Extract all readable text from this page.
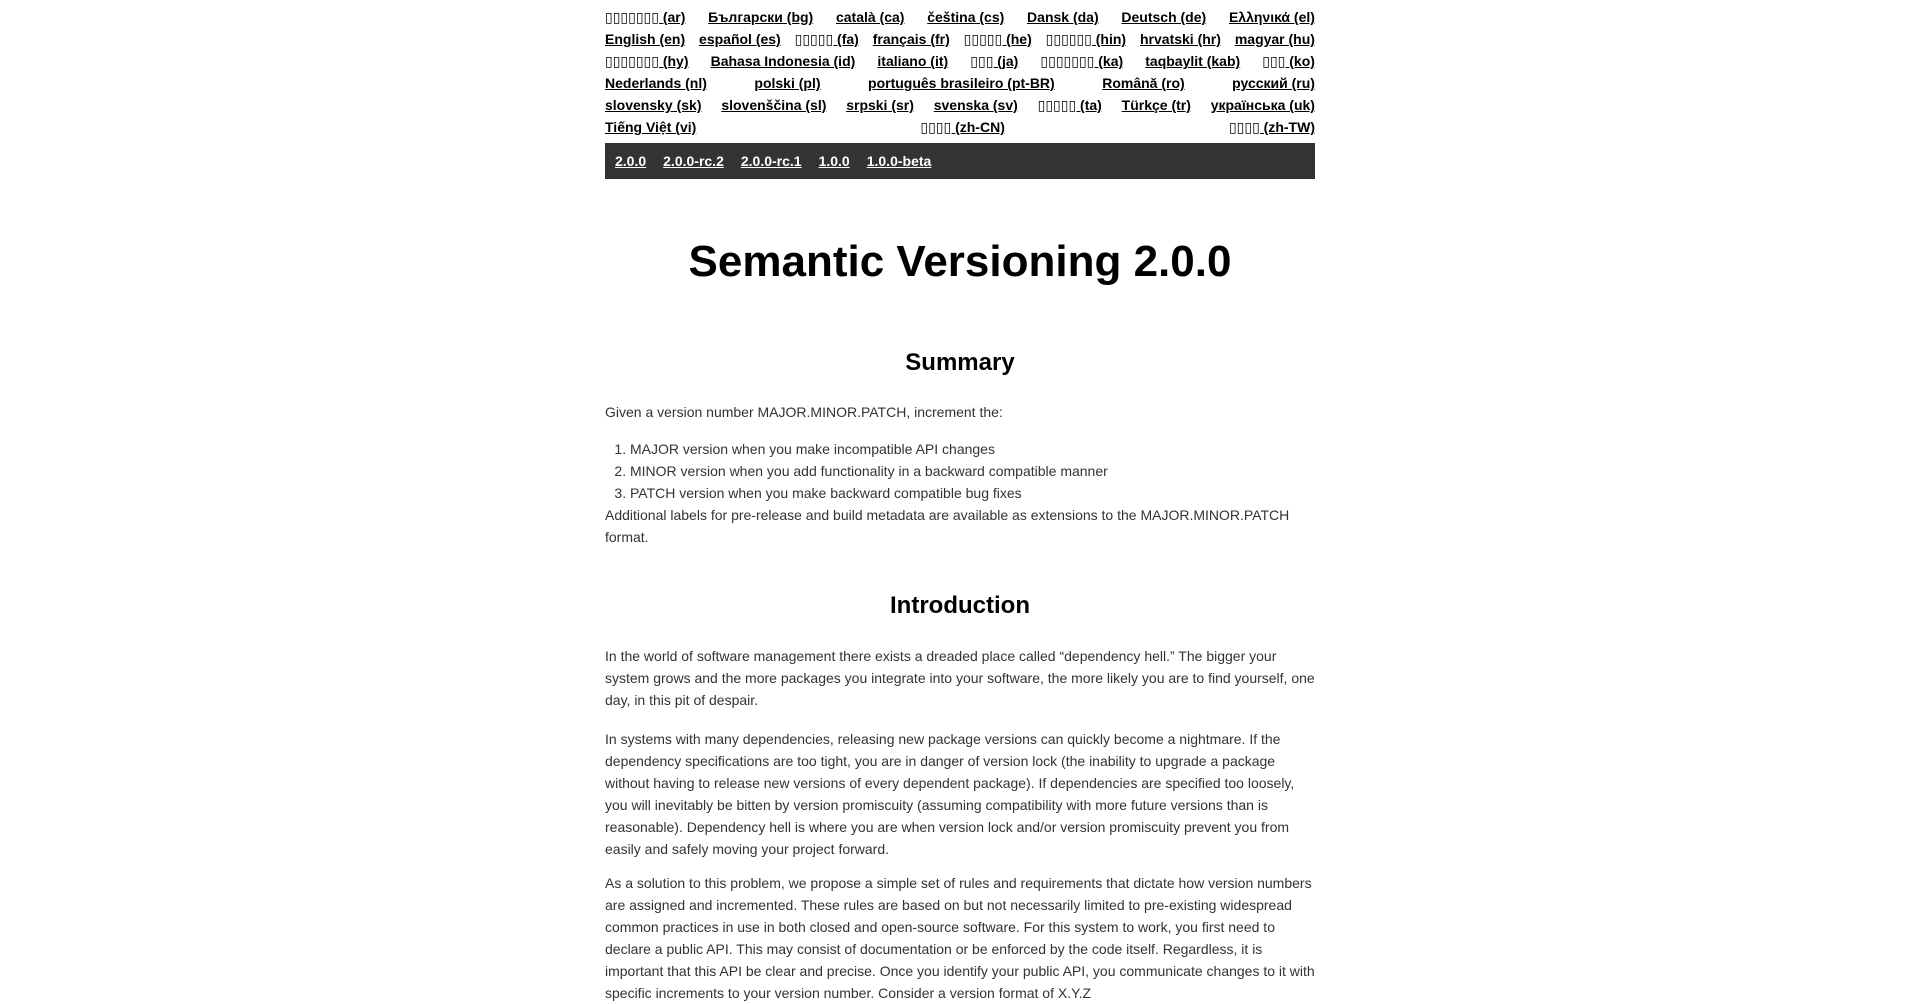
▯▯▯▯▯▯▯ (ar) Български (bg) català (ca) čeština (cs) Dansk (da) Deutsch (de) Ελληνικά (el)
English (en) español (es) ▯▯▯▯▯ (fa) français (fr) ▯▯▯▯▯ (he) ▯▯▯▯▯▯ (hin) hrvatski (hr) magyar (hu)
▯▯▯▯▯▯▯ (hy) Bahasa Indonesia (id) italiano (it) ▯▯▯ (ja) ▯▯▯▯▯▯▯ (ka) taqbaylit (kab) ▯▯▯ (ko)
Nederlands (nl)	polski (pl)	português brasileiro (pt-BR)	Română (ro)	русский (ru)
slovensky (sk) slovenščina (sl) srpski (sr) svenska (sv) ▯▯▯▯▯ (ta) Türkçe (tr) українська (uk)
Tiếng Việt (vi)	▯▯▯▯ (zh-CN)	▯▯▯▯ (zh-TW)
2.0.0 2.0.0-rc.2 2.0.0-rc.1 1.0.0 1.0.0-beta
Semantic Versioning 2.0.0
Summary

Given a version number MAJOR.MINOR.PATCH, increment the:

1. MAJOR version when you make incompatible API changes
2. MINOR version when you add functionality in a backward compatible manner
3. PATCH version when you make backward compatible bug fixes

Additional labels for pre-release and build metadata are available as extensions to the MAJOR.MINOR.PATCH format.

Introduction

In the world of software management there exists a dreaded place called “dependency hell.” The bigger your system grows and the more packages you integrate into your software, the more likely you are to find yourself, one day, in this pit of despair.

In systems with many dependencies, releasing new package versions can quickly become a nightmare. If the dependency specifications are too tight, you are in danger of version lock (the inability to upgrade a package without having to release new versions of every dependent package). If dependencies are specified too loosely, you will inevitably be bitten by version promiscuity (assuming compatibility with more future versions than is reasonable). Dependency hell is where you are when version lock and/or version promiscuity prevent you from easily and safely moving your project forward.

As a solution to this problem, we propose a simple set of rules and requirements that dictate how version numbers are assigned and incremented. These rules are based on but not necessarily limited to pre-existing widespread common practices in use in both closed and open-source software. For this system to work, you first need to declare a public API. This may consist of documentation or be enforced by the code itself. Regardless, it is important that this API be clear and precise. Once you identify your public API, you communicate changes to it with specific increments to your version number. Consider a version format of X.Y.Z
